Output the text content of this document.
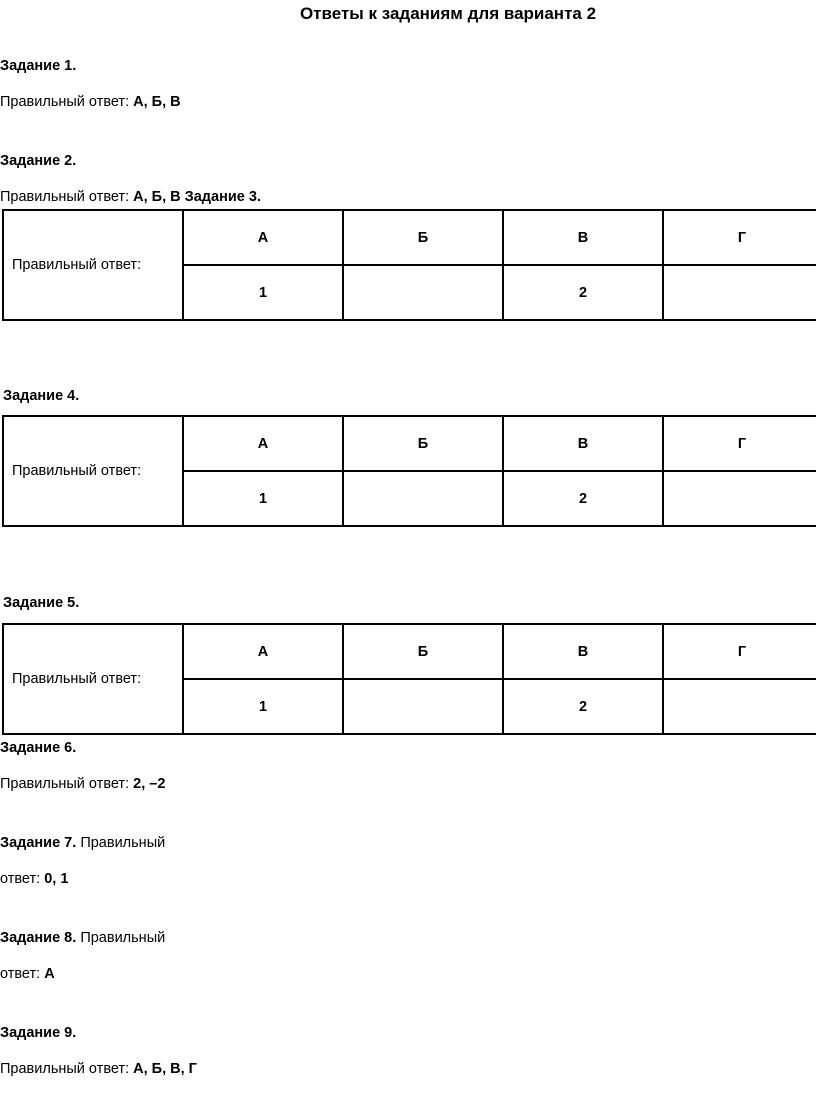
Ответы к заданиям для варианта 2
Задание 1.
Правильный ответ: А, Б, В
Задание 2.
Правильный ответ: А, Б, В Задание 3.
Правильный ответ:	А	Б	В	Г
	1		2	
Задание 4.
Правильный ответ:	А	Б	В	Г
	1		2	
Задание 5.
Правильный ответ:	А	Б	В	Г
	1		2	
Задание 6.
Правильный ответ: 2, –2
Задание 7. Правильный
ответ: 0, 1
Задание 8. Правильный
ответ: А
Задание 9.
Правильный ответ: А, Б, В, Г
